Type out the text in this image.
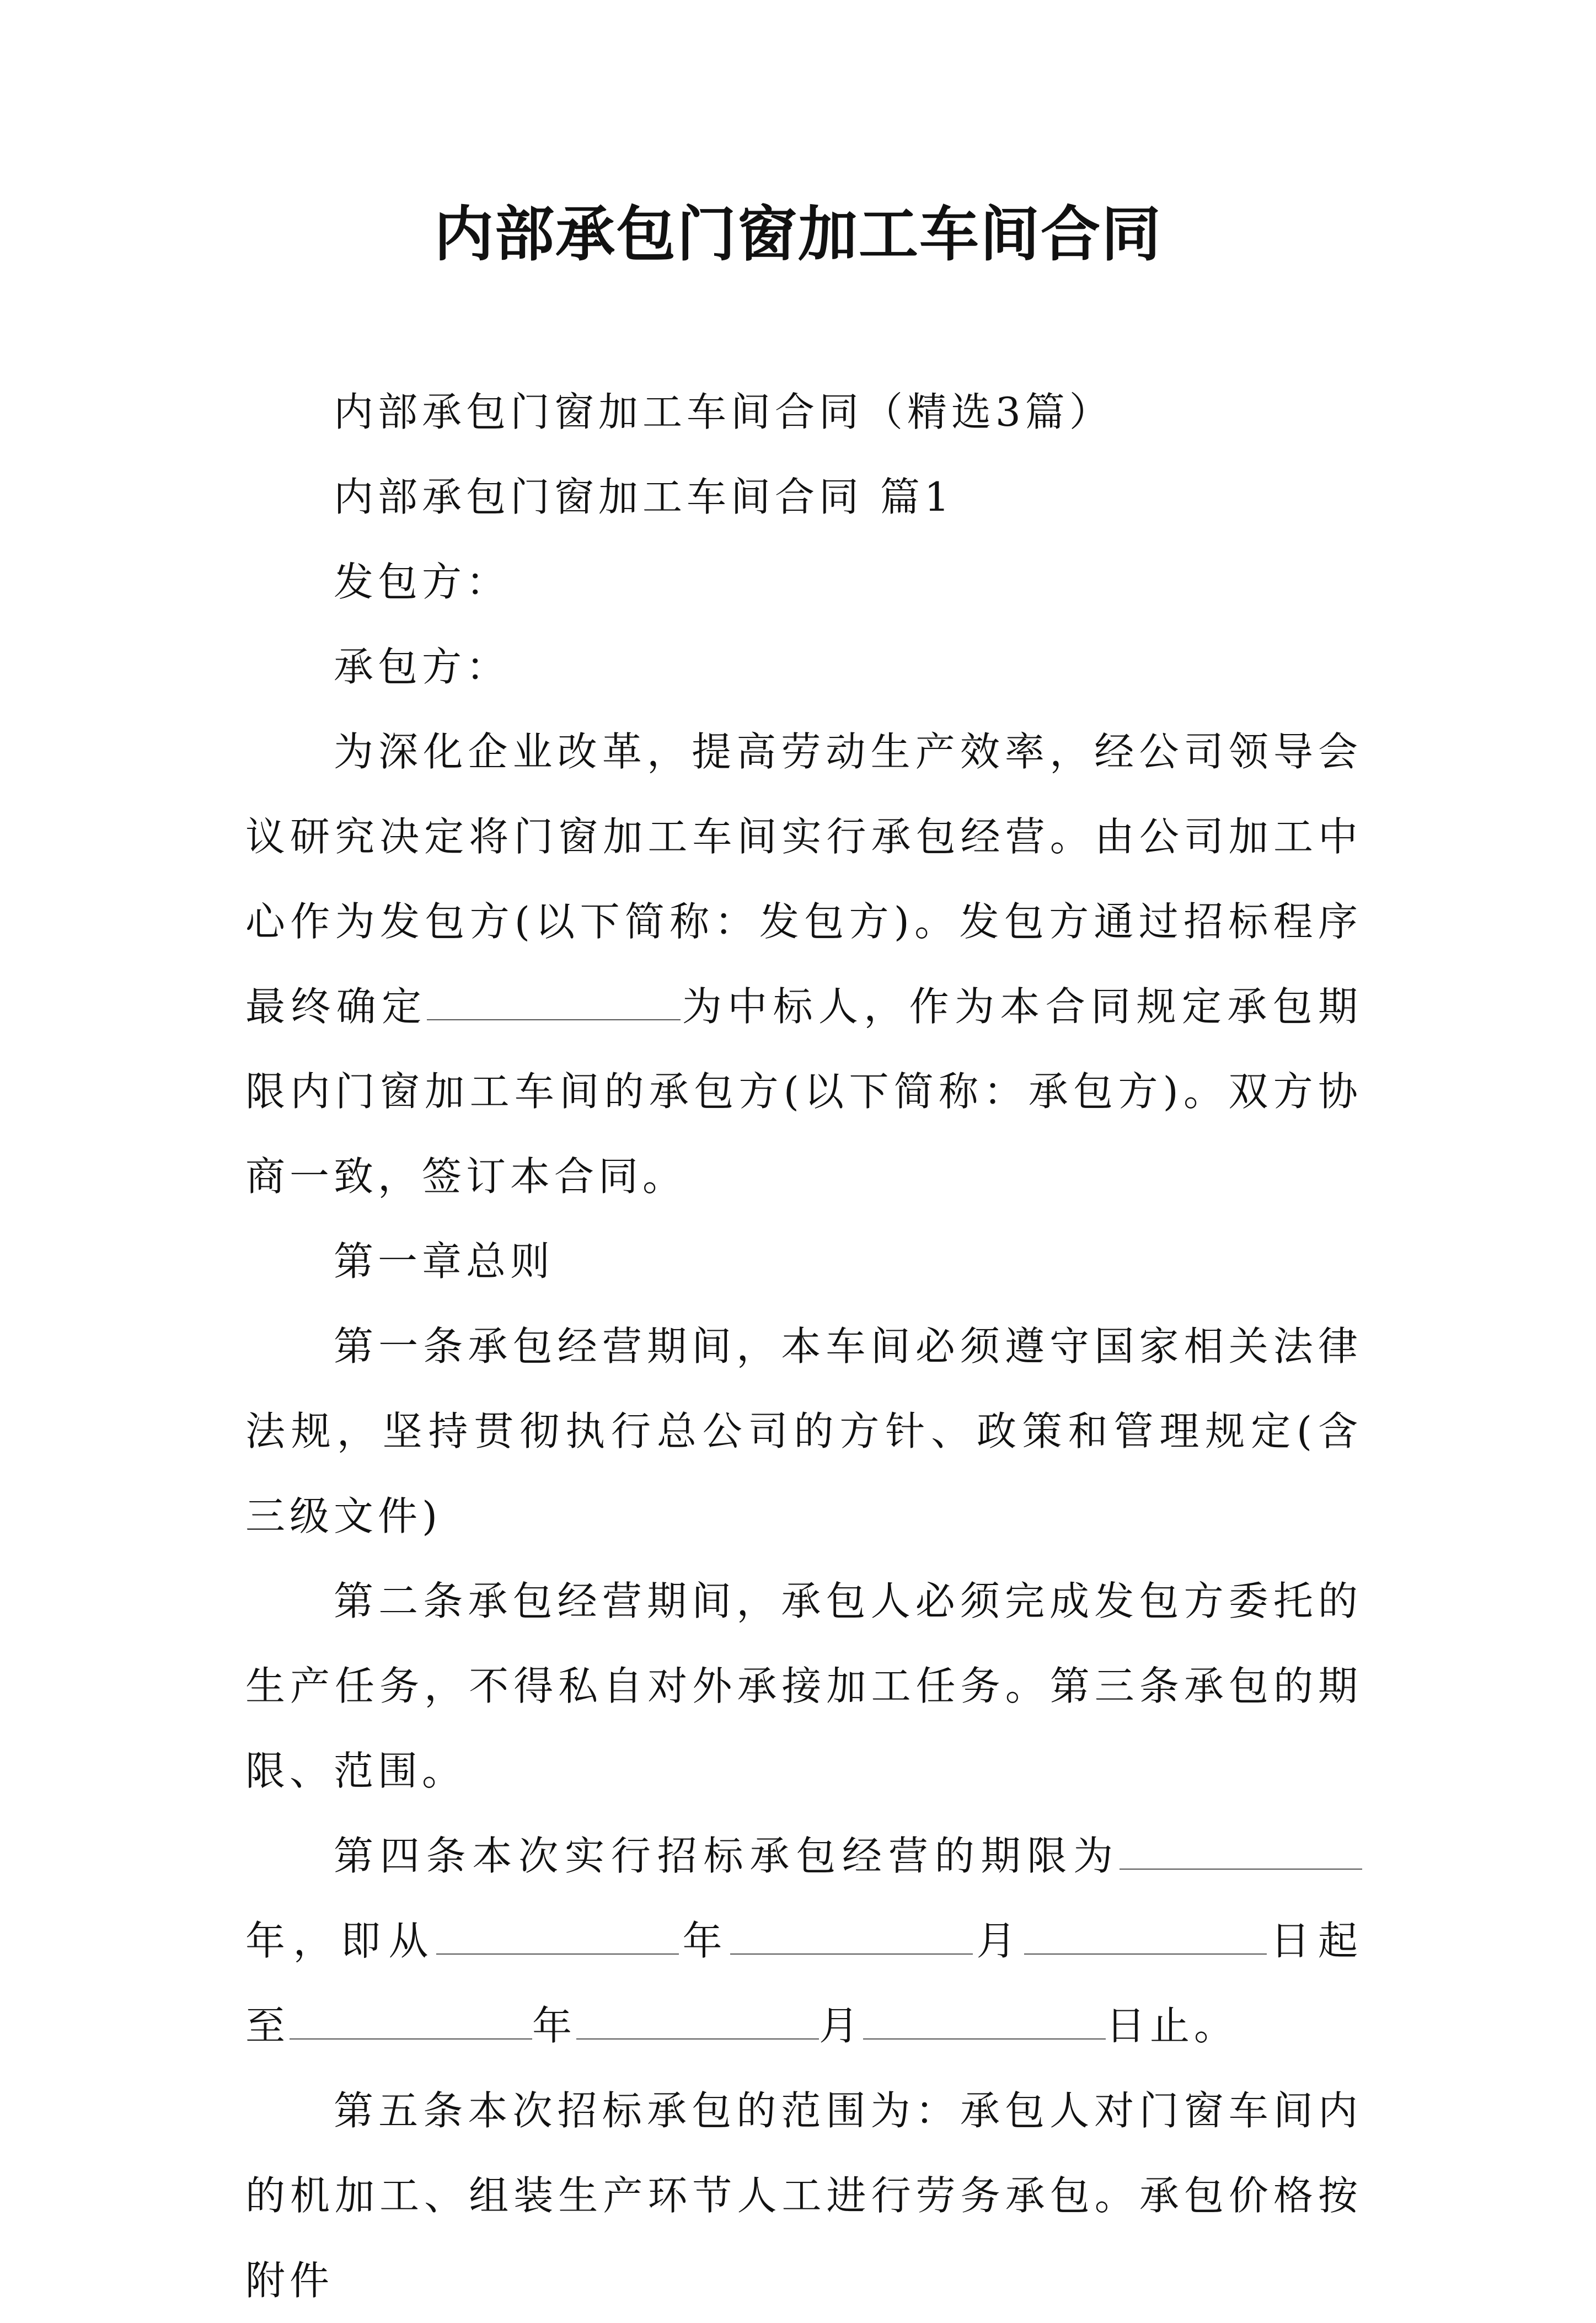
内部承包门窗加工车间合同

内部承包门窗加工车间合同（精选3篇）

内部承包门窗加工车间合同 篇1

发包方：

承包方：

为深化企业改革，提高劳动生产效率，经公司领导会议研究决定将门窗加工车间实行承包经营。由公司加工中心作为发包方(以下简称：发包方)。发包方通过招标程序最终确定	为中标人，作为本合同规定承包期限内门窗加工车间的承包方(以下简称：承包方)。双方协商一致，签订本合同。

第一章总则

第一条承包经营期间，本车间必须遵守国家相关法律法规，坚持贯彻执行总公司的方针、政策和管理规定(含三级文件)

第二条承包经营期间，承包人必须完成发包方委托的生产任务，不得私自对外承接加工任务。第三条承包的期限、范围。

第四条本次实行招标承包经营的期限为年，即从	年	月	日起至	年	月	日止。

第五条本次招标承包的范围为：承包人对门窗车间内的机加工、组装生产环节人工进行劳务承包。承包价格按附件
